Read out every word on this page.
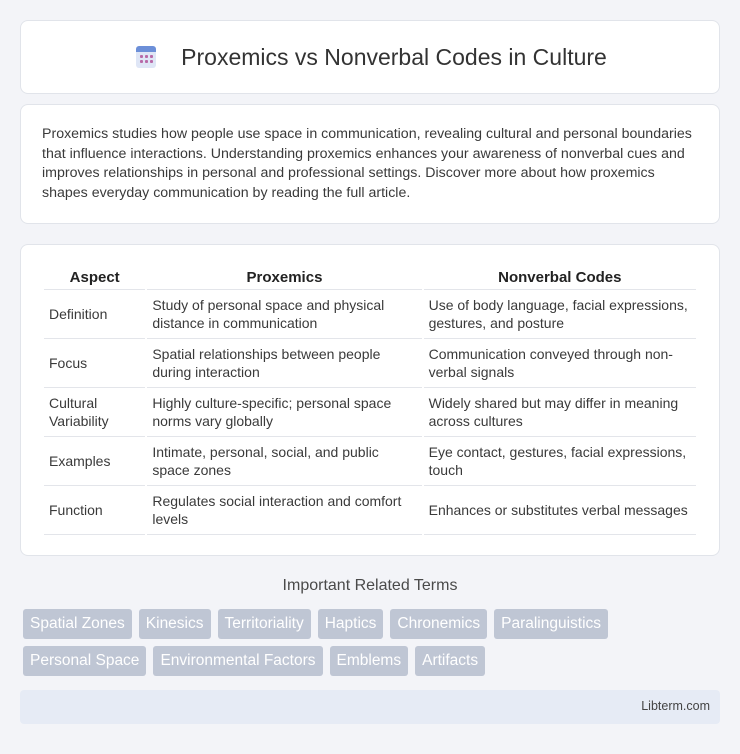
Proxemics vs Nonverbal Codes in Culture

Proxemics studies how people use space in communication, revealing cultural and personal boundaries that influence interactions. Understanding proxemics enhances your awareness of nonverbal cues and improves relationships in personal and professional settings. Discover more about how proxemics shapes everyday communication by reading the full article.

Aspect	Proxemics	Nonverbal Codes
Definition	Study of personal space and physical distance in communication	Use of body language, facial expressions, gestures, and posture
Focus	Spatial relationships between people during interaction	Communication conveyed through non-verbal signals
Cultural Variability	Highly culture-specific; personal space norms vary globally	Widely shared but may differ in meaning across cultures
Examples	Intimate, personal, social, and public space zones	Eye contact, gestures, facial expressions, touch
Function	Regulates social interaction and comfort levels	Enhances or substitutes verbal messages
Important Related Terms
Spatial Zones	Kinesics	Territoriality	Haptics	Chronemics	Paralinguistics
Personal Space	Environmental Factors	Emblems	Artifacts
Libterm.com
